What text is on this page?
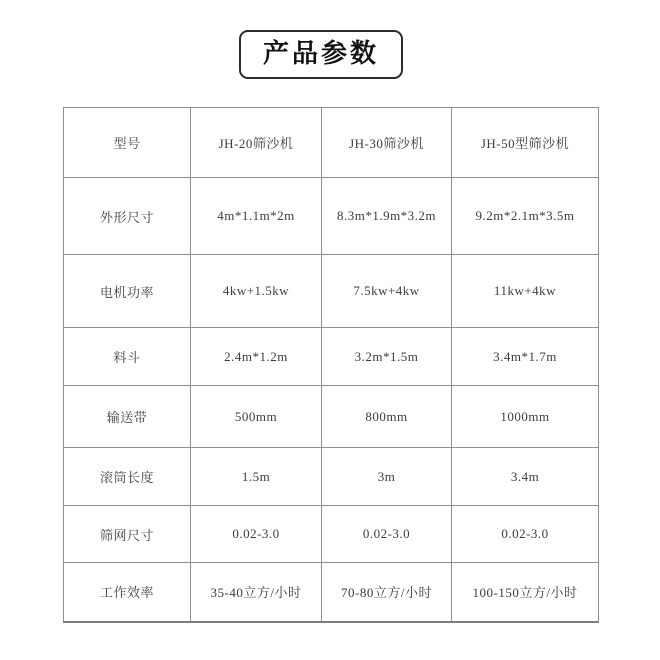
产品参数
型号	JH-20筛沙机	JH-30筛沙机	JH-50型筛沙机
外形尺寸	4m*1.1m*2m	8.3m*1.9m*3.2m	9.2m*2.1m*3.5m
电机功率	4kw+1.5kw	7.5kw+4kw	11kw+4kw
料斗	2.4m*1.2m	3.2m*1.5m	3.4m*1.7m
输送带	500mm	800mm	1000mm
滚筒长度	1.5m	3m	3.4m
筛网尺寸	0.02-3.0	0.02-3.0	0.02-3.0
工作效率	35-40立方/小时	70-80立方/小时	100-150立方/小时
